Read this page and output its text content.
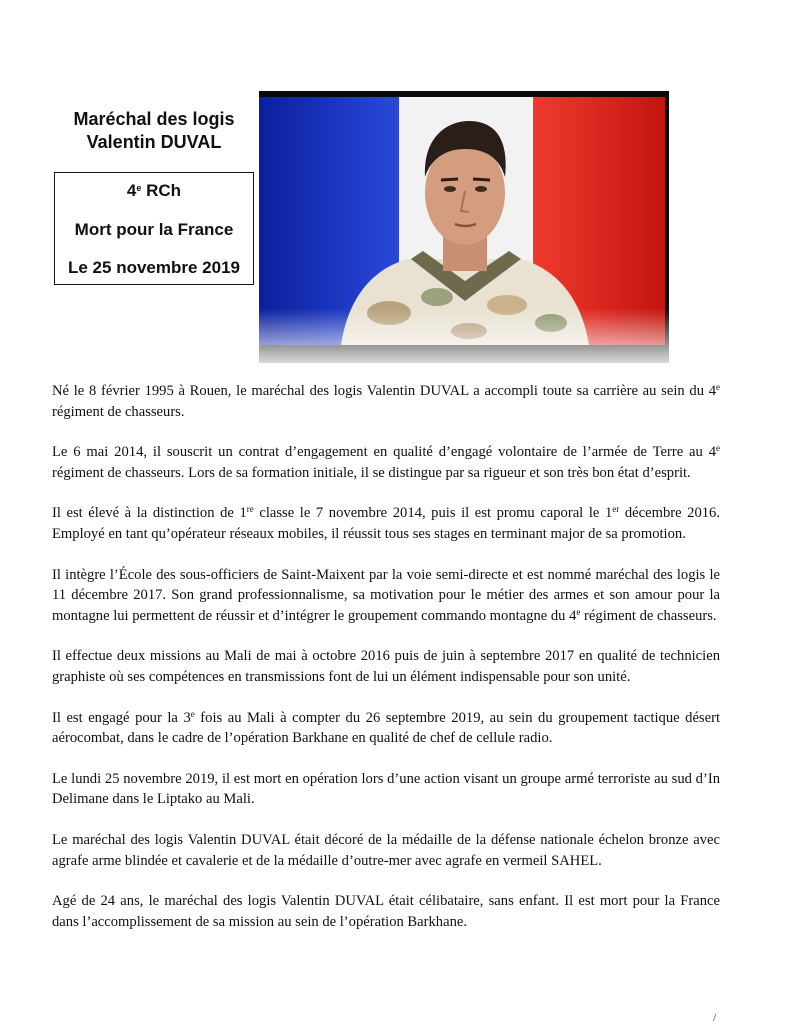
Maréchal des logis
Valentin DUVAL
4e RCh
Mort pour la France
Le 25 novembre 2019

Né le 8 février 1995 à Rouen, le maréchal des logis Valentin DUVAL a accompli toute sa carrière au sein du 4e régiment de chasseurs.

Le 6 mai 2014, il souscrit un contrat d’engagement en qualité d’engagé volontaire de l’armée de Terre au 4e régiment de chasseurs. Lors de sa formation initiale, il se distingue par sa rigueur et son très bon état d’esprit.

Il est élevé à la distinction de 1re classe le 7 novembre 2014, puis il est promu caporal le 1er décembre 2016. Employé en tant qu’opérateur réseaux mobiles, il réussit tous ses stages en terminant major de sa promotion.

Il intègre l’École des sous-officiers de Saint-Maixent par la voie semi-directe et est nommé maréchal des logis le 11 décembre 2017. Son grand professionnalisme, sa motivation pour le métier des armes et son amour pour la montagne lui permettent de réussir et d’intégrer le groupement commando montagne du 4e régiment de chasseurs.

Il effectue deux missions au Mali de mai à octobre 2016 puis de juin à septembre 2017 en qualité de technicien graphiste où ses compétences en transmissions font de lui un élément indispensable pour son unité.

Il est engagé pour la 3e fois au Mali à compter du 26 septembre 2019, au sein du groupement tactique désert aérocombat, dans le cadre de l’opération Barkhane en qualité de chef de cellule radio.

Le lundi 25 novembre 2019, il est mort en opération lors d’une action visant un groupe armé terroriste au sud d’In Delimane dans le Liptako au Mali.

Le maréchal des logis Valentin DUVAL était décoré de la médaille de la défense nationale échelon bronze avec agrafe arme blindée et cavalerie et de la médaille d’outre-mer avec agrafe en vermeil SAHEL.

Agé de 24 ans, le maréchal des logis Valentin DUVAL était célibataire, sans enfant. Il est mort pour la France dans l’accomplissement de sa mission au sein de l’opération Barkhane.

/
